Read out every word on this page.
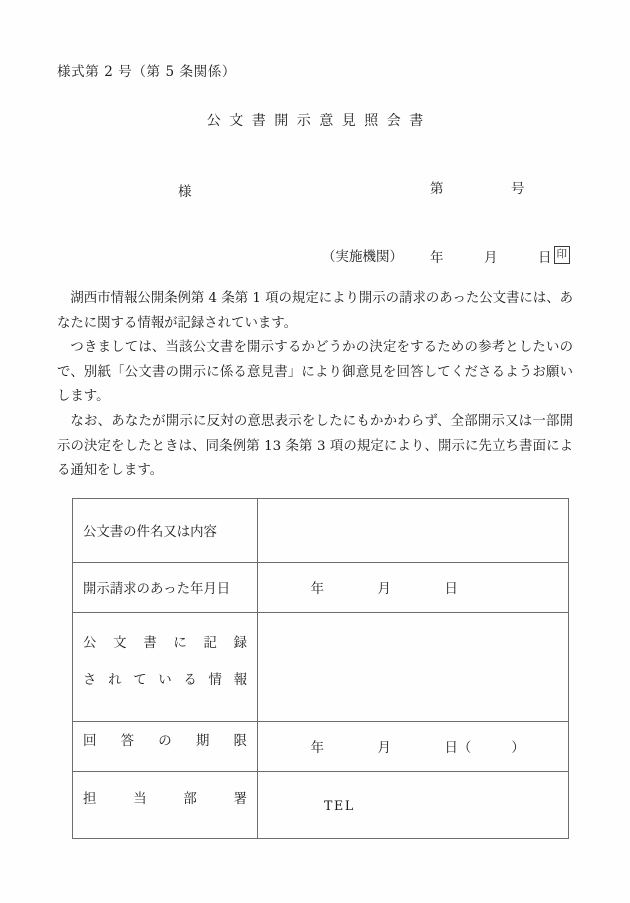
様式第 2 号（第 5 条関係）
公文書開示意見照会書

第　　　　　号

年　　　月　　　日

様
（実施機関）	印

湖西市情報公開条例第 4 条第 1 項の規定により開示の請求のあった公文書には、あなたに関する情報が記録されています。

つきましては、当該公文書を開示するかどうかの決定をするための参考としたいので、別紙「公文書の開示に係る意見書」により御意見を回答してくださるようお願いします。

なお、あなたが開示に反対の意思表示をしたにもかかわらず、全部開示又は一部開示の決定をしたときは、同条例第 13 条第 3 項の規定により、開示に先立ち書面による通知をします。

公文書の件名又は内容	

開示請求のあった年月日	年　　　　月　　　　日

公文書に記録
されている情報	

回答の期限	年　　　　月　　　　日（　　　）

担当部署	TEL
